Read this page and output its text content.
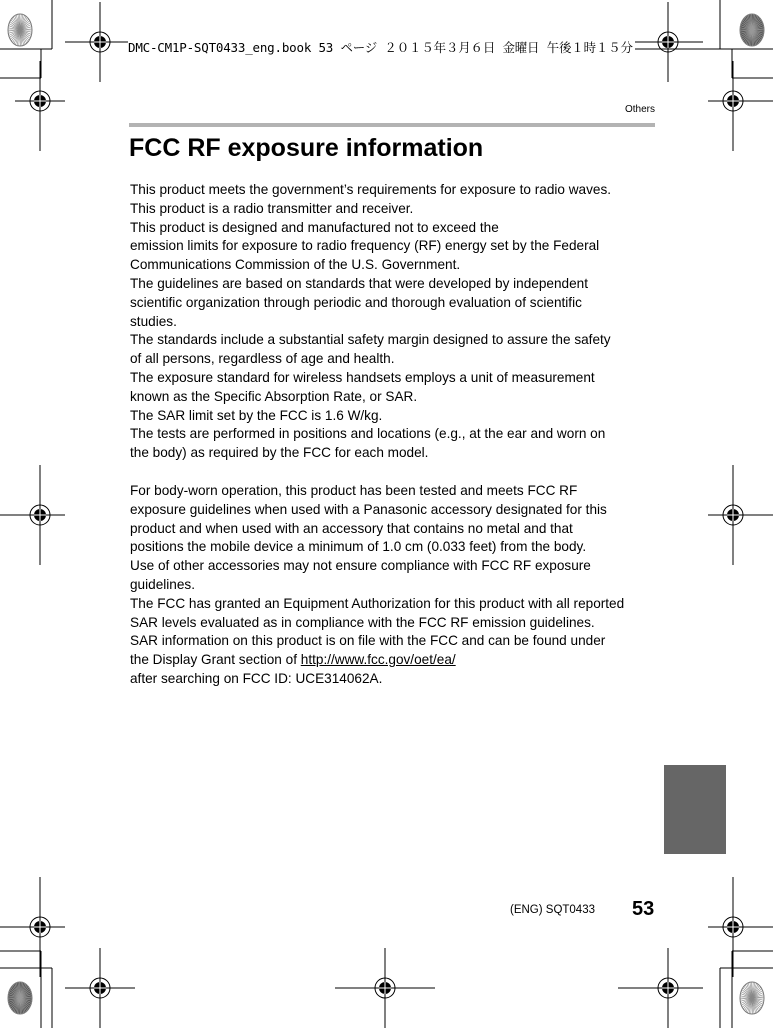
DMC-CM1P-SQT0433_eng.book 53 ページ ２０１５年３月６日 金曜日 午後１時１５分
Others
FCC RF exposure information
This product meets the government’s requirements for exposure to radio waves.
This product is a radio transmitter and receiver.
This product is designed and manufactured not to exceed the
emission limits for exposure to radio frequency (RF) energy set by the Federal
Communications Commission of the U.S. Government.
The guidelines are based on standards that were developed by independent
scientific organization through periodic and thorough evaluation of scientific
studies.
The standards include a substantial safety margin designed to assure the safety
of all persons, regardless of age and health.
The exposure standard for wireless handsets employs a unit of measurement
known as the Specific Absorption Rate, or SAR.
The SAR limit set by the FCC is 1.6 W/kg.
The tests are performed in positions and locations (e.g., at the ear and worn on
the body) as required by the FCC for each model.
For body-worn operation, this product has been tested and meets FCC RF
exposure guidelines when used with a Panasonic accessory designated for this
product and when used with an accessory that contains no metal and that
positions the mobile device a minimum of 1.0 cm (0.033 feet) from the body.
Use of other accessories may not ensure compliance with FCC RF exposure
guidelines.
The FCC has granted an Equipment Authorization for this product with all reported
SAR levels evaluated as in compliance with the FCC RF emission guidelines.
SAR information on this product is on file with the FCC and can be found under
the Display Grant section of http://www.fcc.gov/oet/ea/
after searching on FCC ID: UCE314062A.
(ENG) SQT0433 53
